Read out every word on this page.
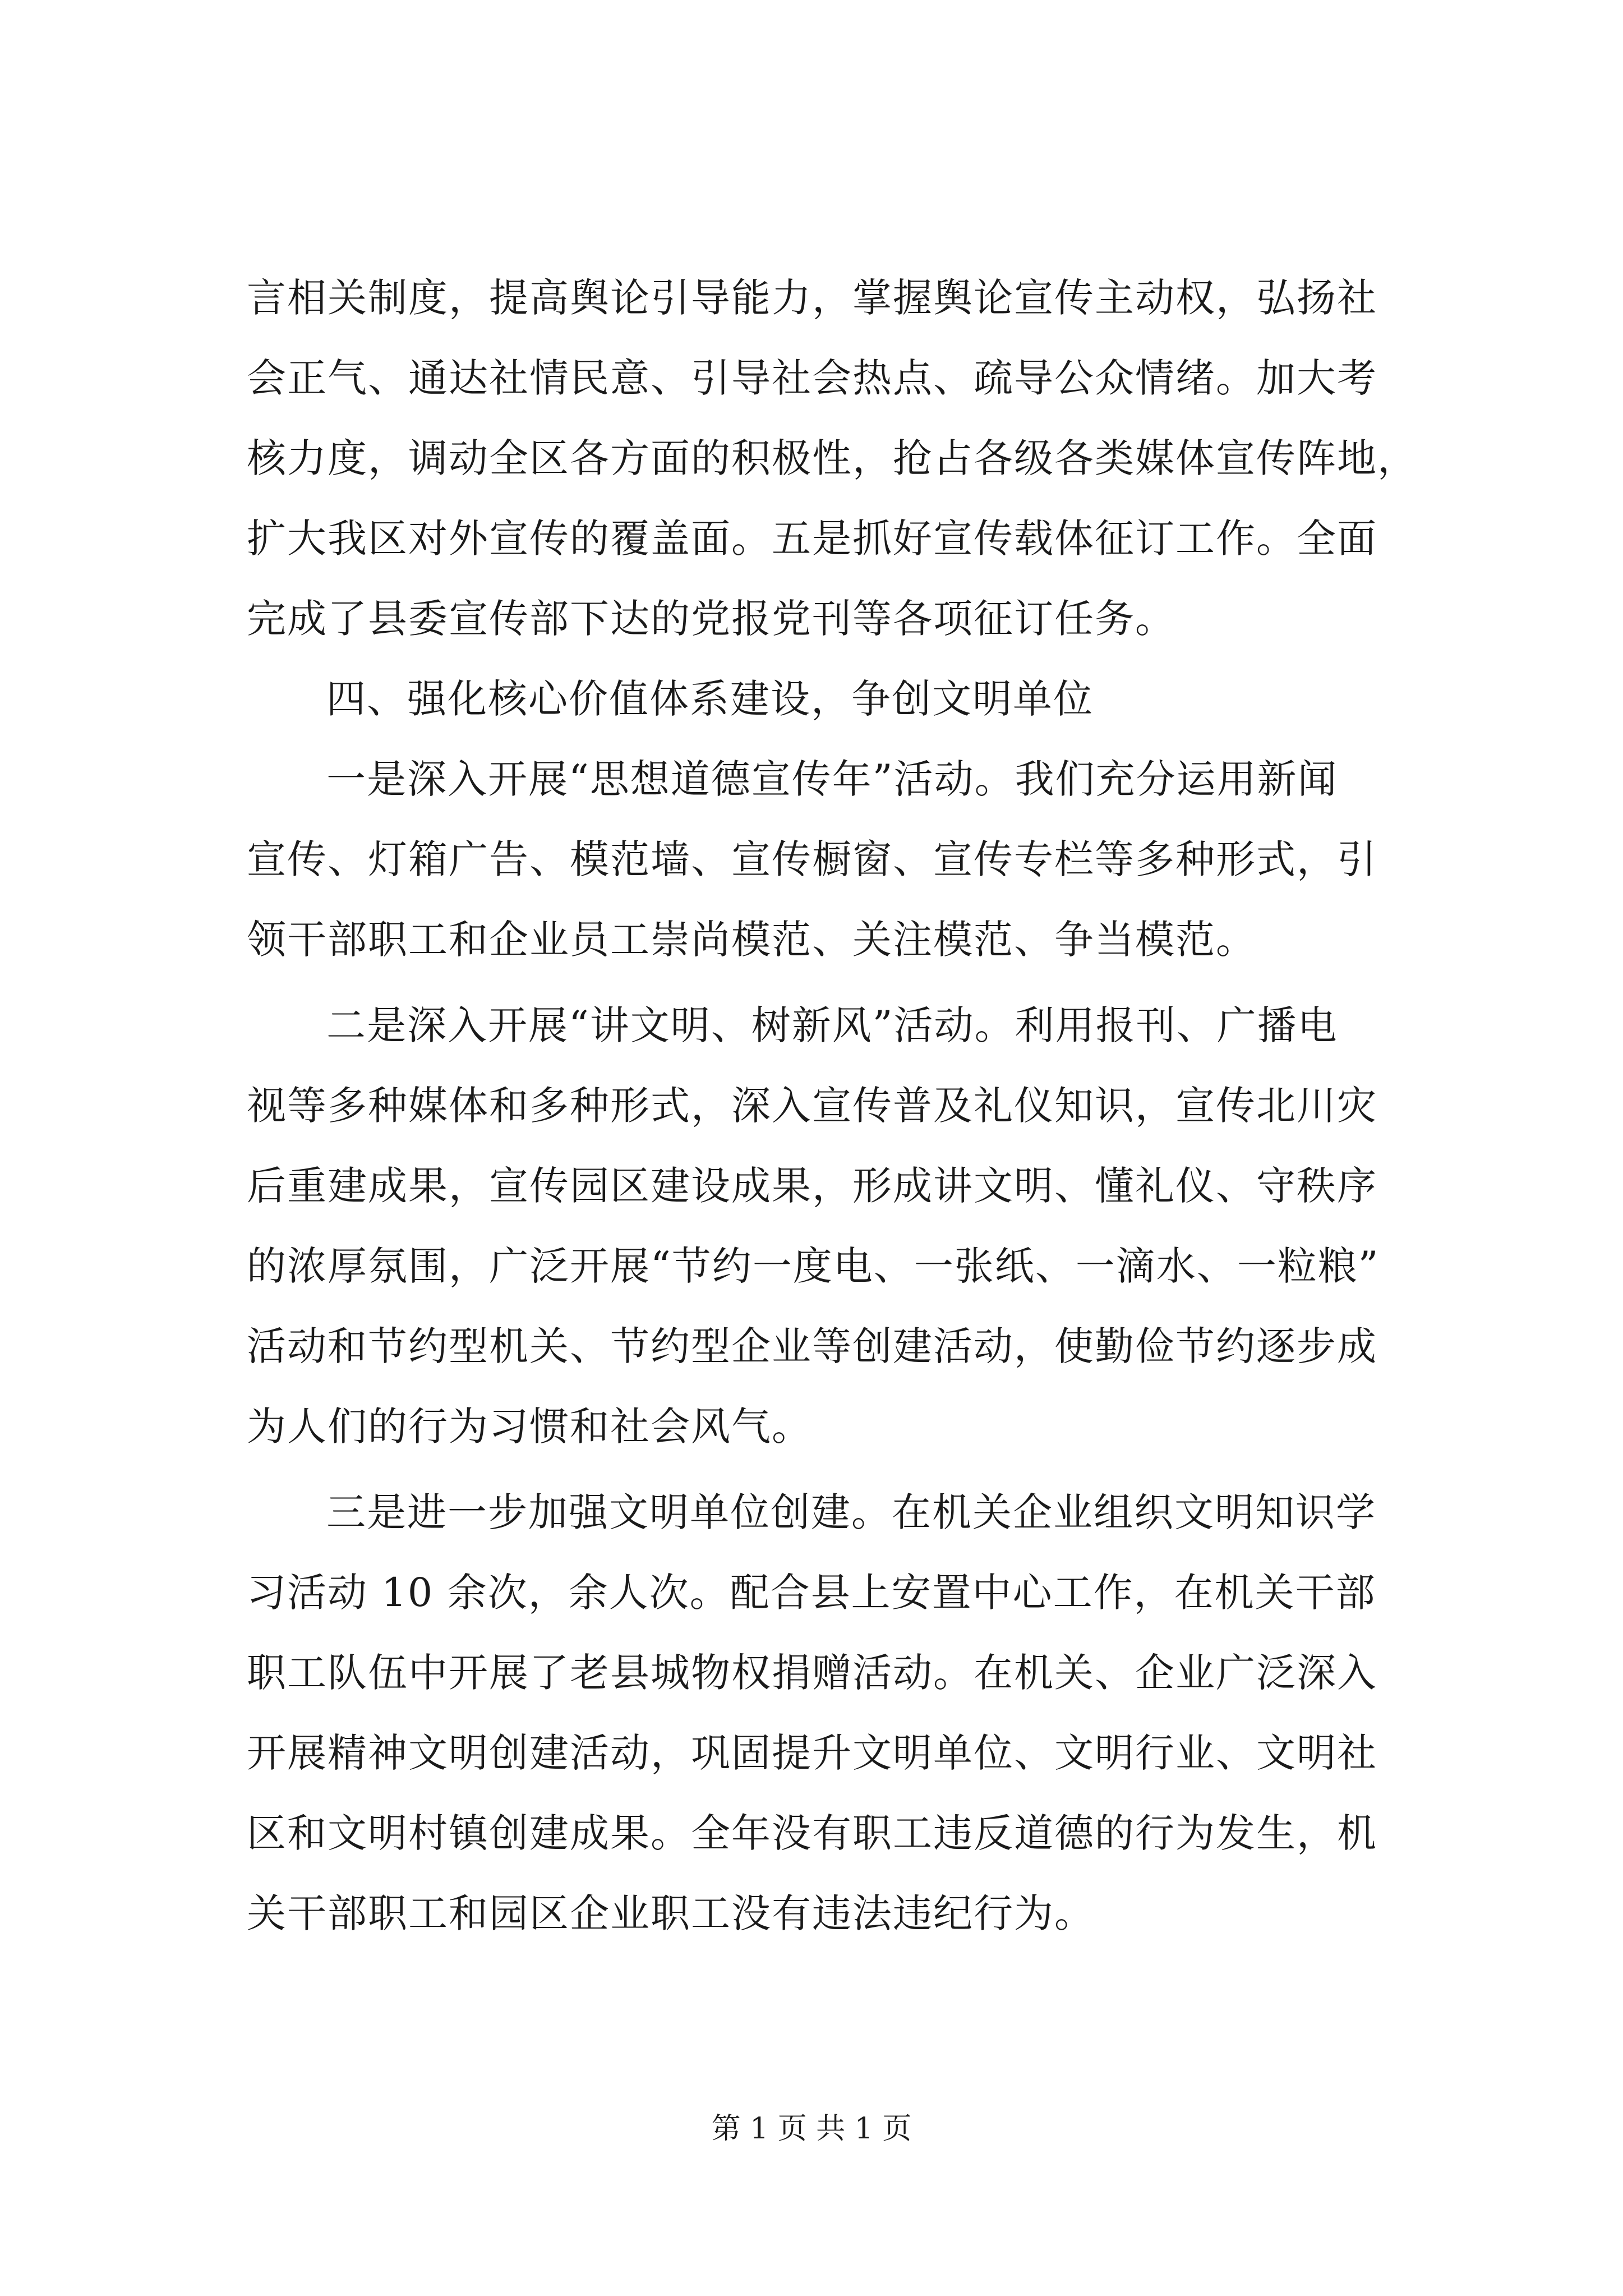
言相关制度，提高舆论引导能力，掌握舆论宣传主动权，弘扬社
会正气、通达社情民意、引导社会热点、疏导公众情绪。加大考
核力度，调动全区各方面的积极性，抢占各级各类媒体宣传阵地，
扩大我区对外宣传的覆盖面。五是抓好宣传载体征订工作。全面
完成了县委宣传部下达的党报党刊等各项征订任务。
四、强化核心价值体系建设，争创文明单位
一是深入开展“思想道德宣传年”活动。我们充分运用新闻
宣传、灯箱广告、模范墙、宣传橱窗、宣传专栏等多种形式，引
领干部职工和企业员工崇尚模范、关注模范、争当模范。
二是深入开展“讲文明、树新风”活动。利用报刊、广播电
视等多种媒体和多种形式，深入宣传普及礼仪知识，宣传北川灾
后重建成果，宣传园区建设成果，形成讲文明、懂礼仪、守秩序
的浓厚氛围，广泛开展“节约一度电、一张纸、一滴水、一粒粮”
活动和节约型机关、节约型企业等创建活动，使勤俭节约逐步成
为人们的行为习惯和社会风气。
三是进一步加强文明单位创建。在机关企业组织文明知识学
习活动 10 余次，余人次。配合县上安置中心工作，在机关干部
职工队伍中开展了老县城物权捐赠活动。在机关、企业广泛深入
开展精神文明创建活动，巩固提升文明单位、文明行业、文明社
区和文明村镇创建成果。全年没有职工违反道德的行为发生，机
关干部职工和园区企业职工没有违法违纪行为。
第 1 页 共 1 页
